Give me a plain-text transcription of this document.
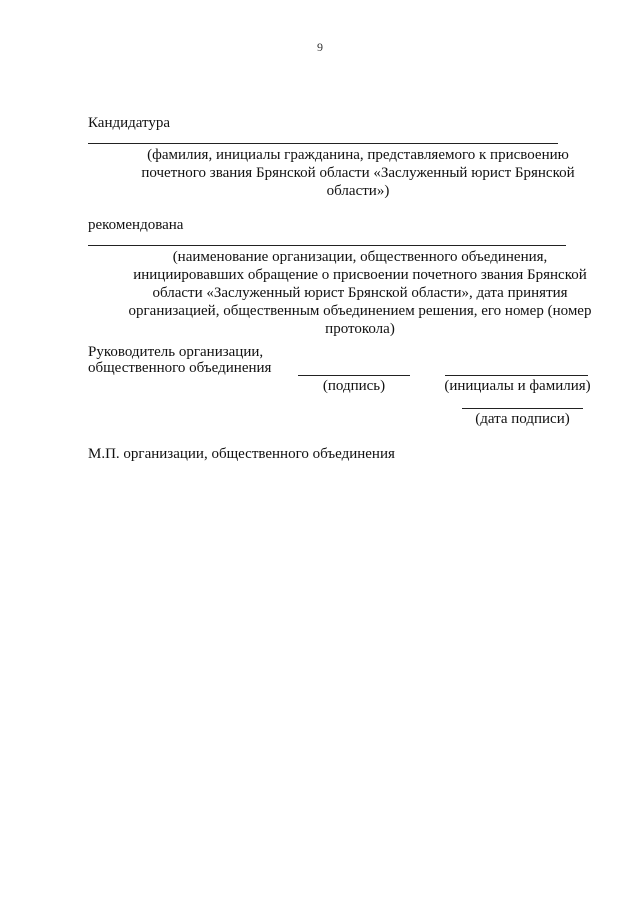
9
Кандидатура
(фамилия, инициалы гражданина, представляемого к присвоению
почетного звания Брянской области «Заслуженный юрист Брянской
области»)
рекомендована
(наименование организации, общественного объединения,
инициировавших обращение о присвоении почетного звания Брянской
области «Заслуженный юрист Брянской области», дата принятия
организацией, общественным объединением решения, его номер (номер
протокола)
Руководитель организации,
общественного объединения
(подпись)	(инициалы и фамилия)
(дата подписи)
М.П. организации, общественного объединения
